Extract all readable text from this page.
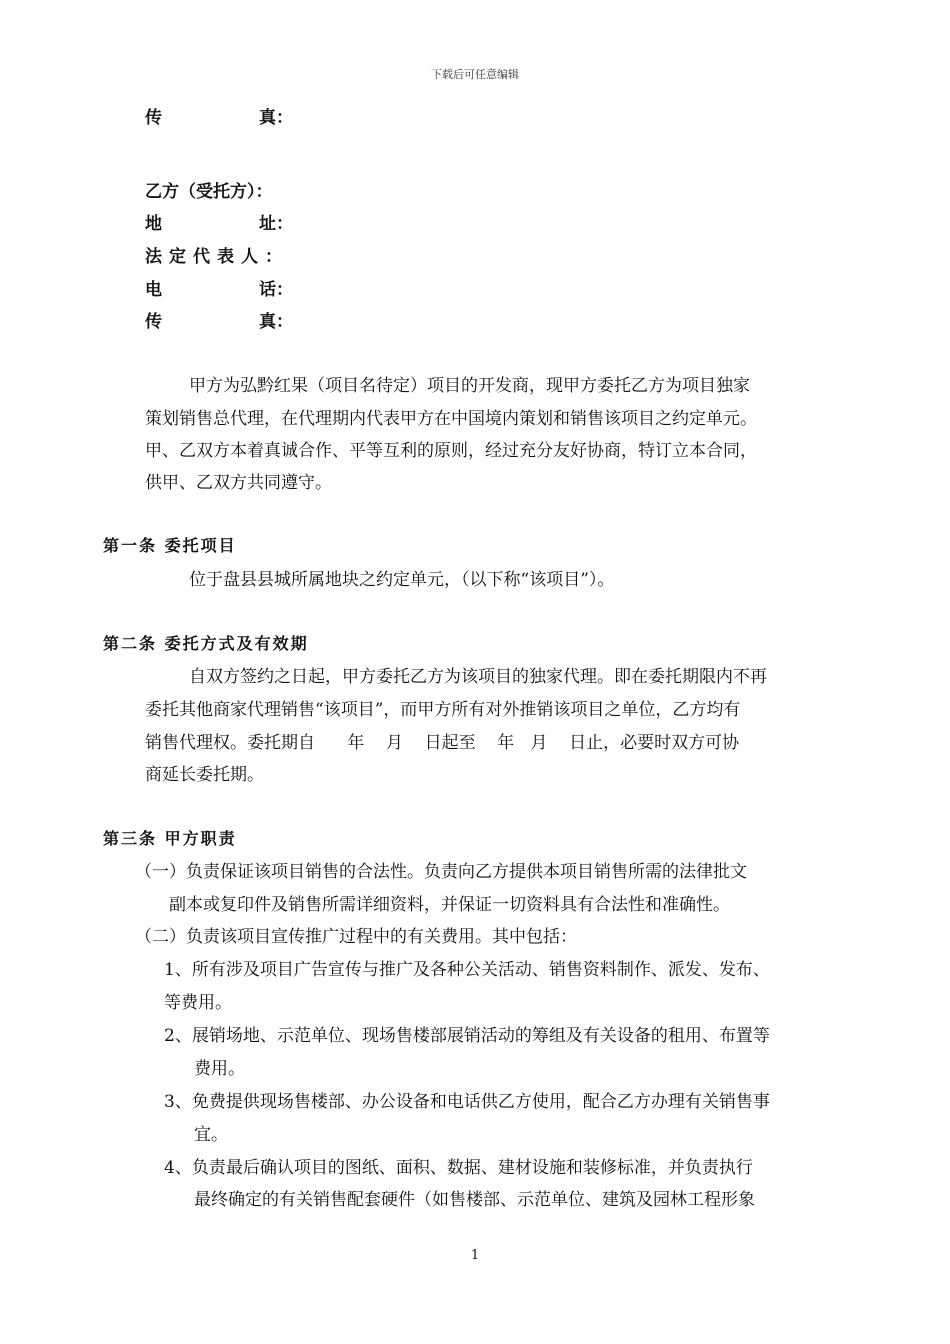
下载后可任意编辑
传	真：
乙方（受托方）：
地	址：
法定代表人：
电	话：
传	真：
甲方为弘黔红果（项目名待定）项目的开发商，现甲方委托乙方为项目独家
策划销售总代理，在代理期内代表甲方在中国境内策划和销售该项目之约定单元。
甲、乙双方本着真诚合作、平等互利的原则，经过充分友好协商，特订立本合同，
供甲、乙双方共同遵守。
第一条 委托项目
位于盘县县城所属地块之约定单元，（以下称“该项目”）。
第二条 委托方式及有效期
自双方签约之日起，甲方委托乙方为该项目的独家代理。即在委托期限内不再
委托其他商家代理销售“该项目”，而甲方所有对外推销该项目之单位，乙方均有
销售代理权。委托期自      年    月    日起至    年   月    日止，必要时双方可协
商延长委托期。
第三条 甲方职责
（一）负责保证该项目销售的合法性。负责向乙方提供本项目销售所需的法律批文
副本或复印件及销售所需详细资料，并保证一切资料具有合法性和准确性。
（二）负责该项目宣传推广过程中的有关费用。其中包括：
1、所有涉及项目广告宣传与推广及各种公关活动、销售资料制作、派发、发布、
等费用。
2、展销场地、示范单位、现场售楼部展销活动的筹组及有关设备的租用、布置等
费用。
3、免费提供现场售楼部、办公设备和电话供乙方使用，配合乙方办理有关销售事
宜。
4、负责最后确认项目的图纸、面积、数据、建材设施和装修标准，并负责执行
最终确定的有关销售配套硬件（如售楼部、示范单位、建筑及园林工程形象
1
